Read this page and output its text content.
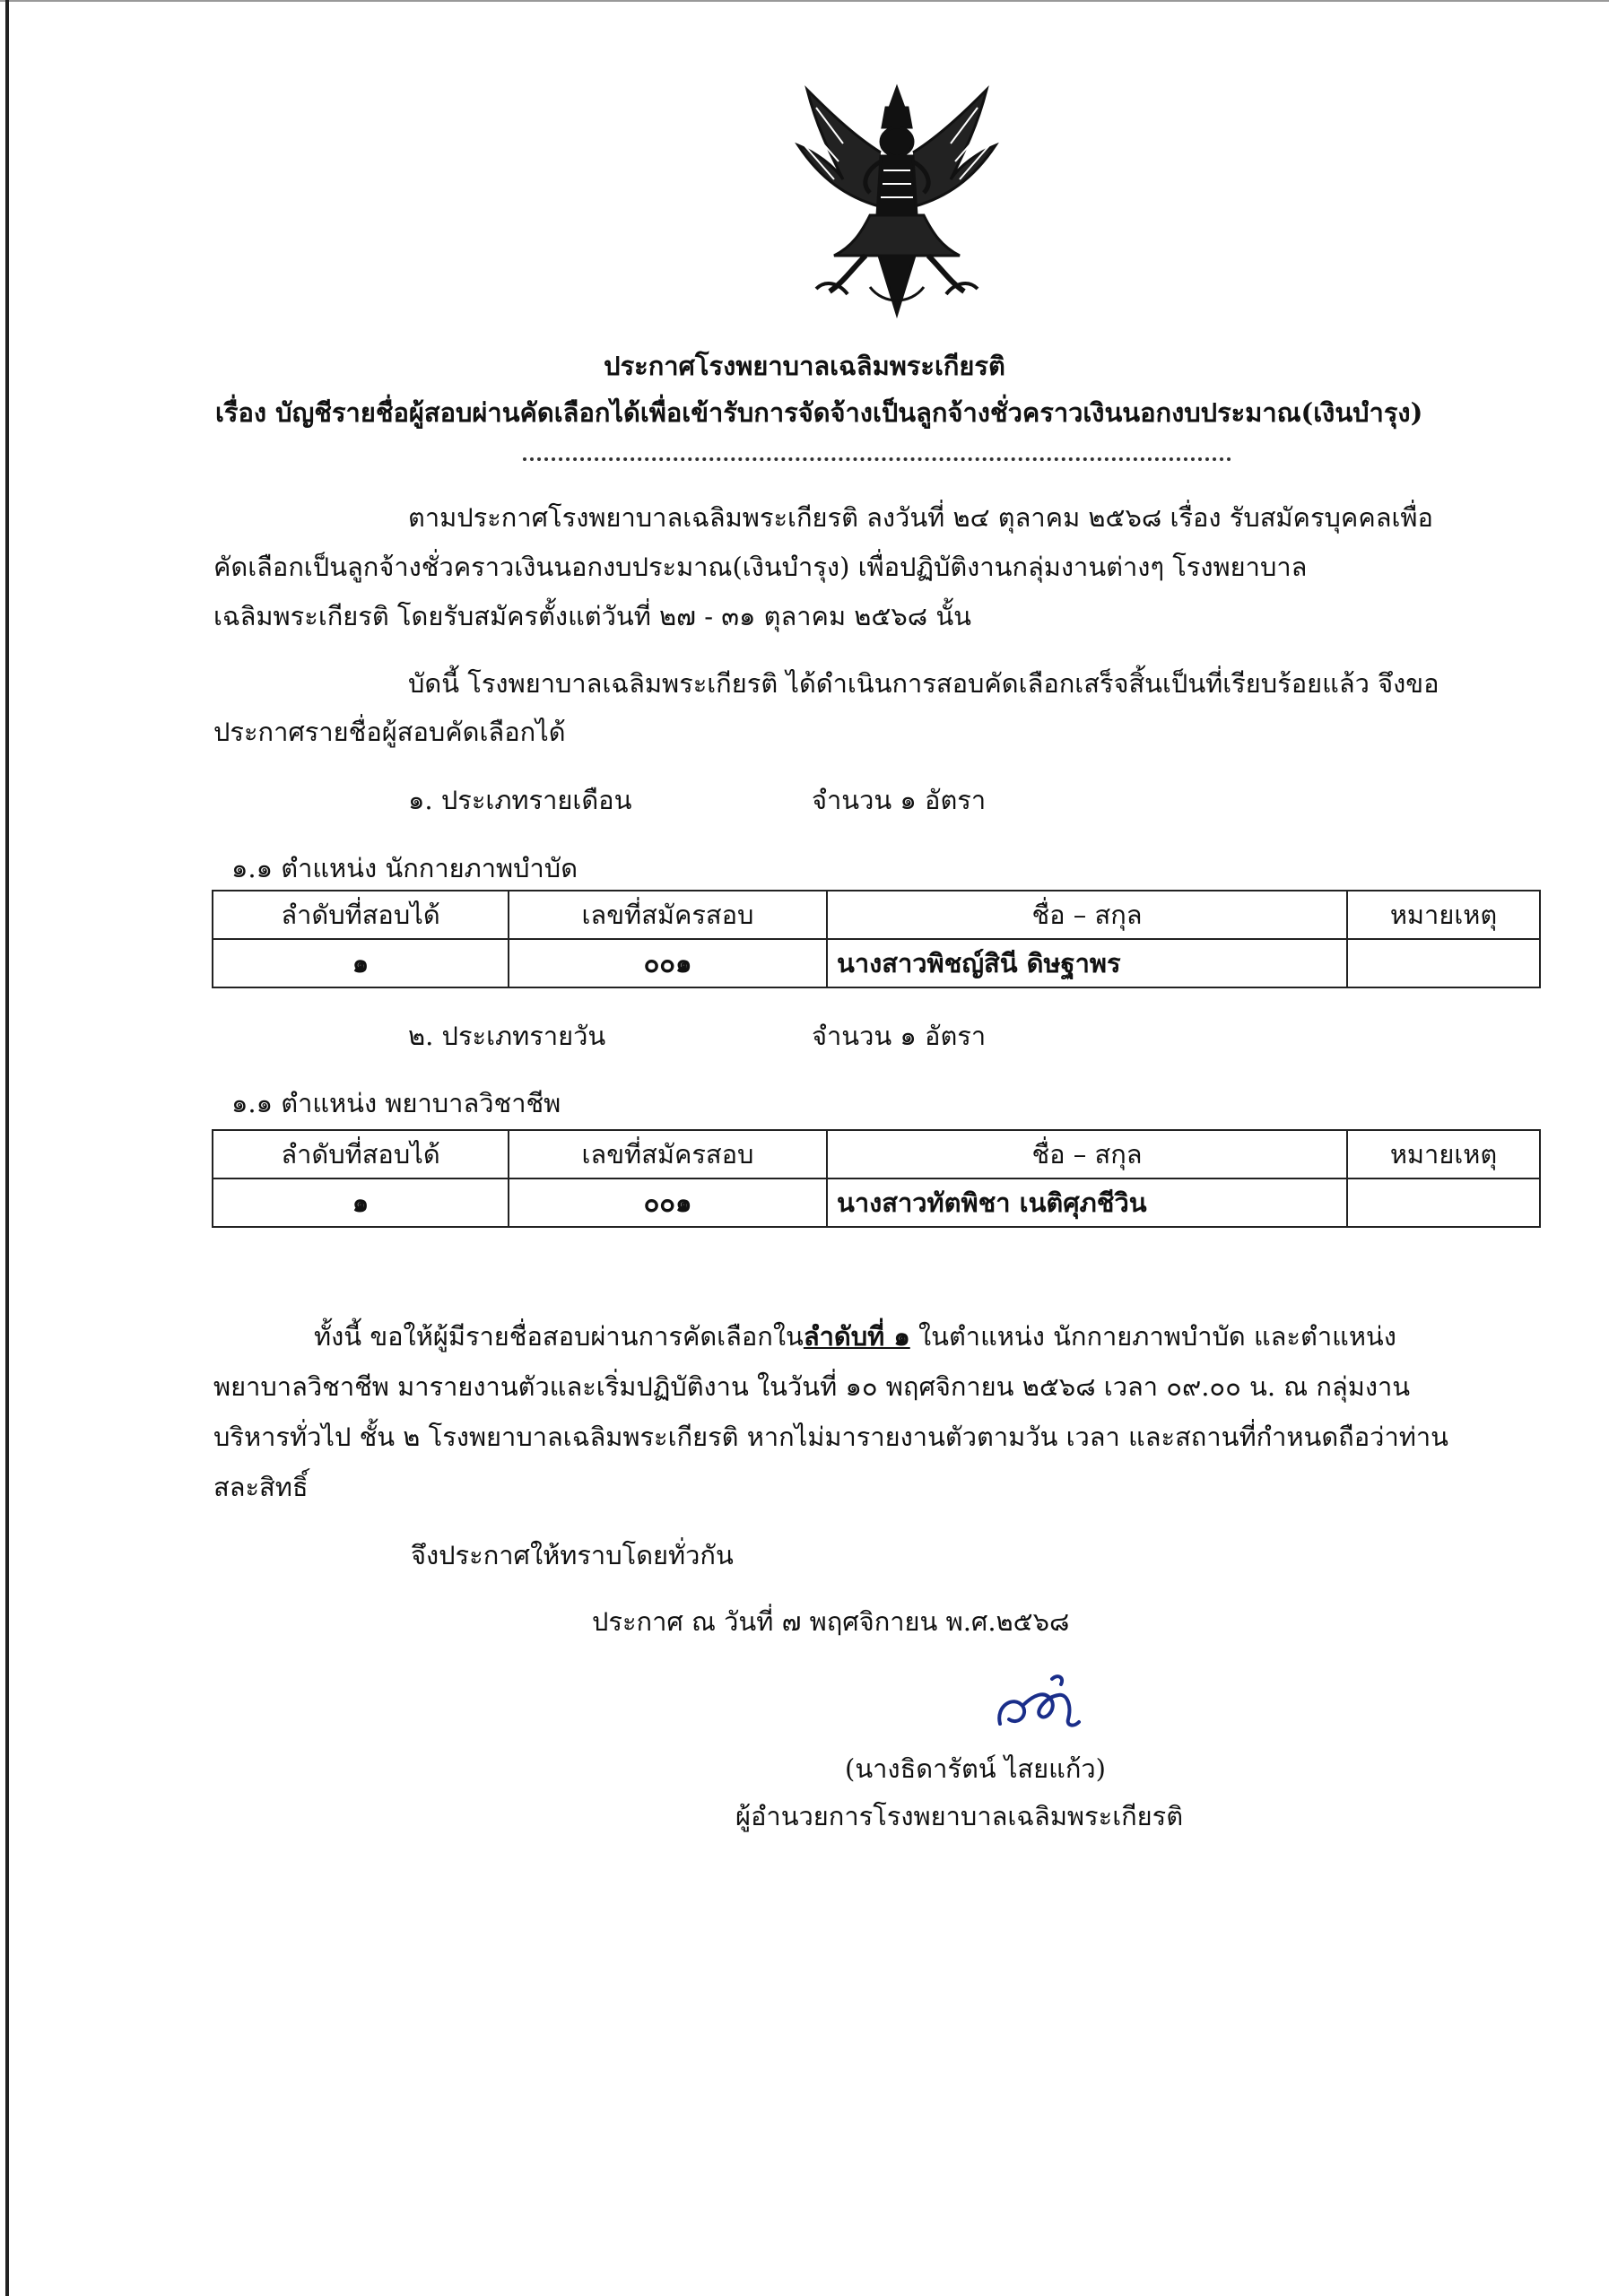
ประกาศโรงพยาบาลเฉลิมพระเกียรติ
เรื่อง บัญชีรายชื่อผู้สอบผ่านคัดเลือกได้เพื่อเข้ารับการจัดจ้างเป็นลูกจ้างชั่วคราวเงินนอกงบประมาณ(เงินบำรุง)
ตามประกาศโรงพยาบาลเฉลิมพระเกียรติ ลงวันที่ ๒๔ ตุลาคม ๒๕๖๘ เรื่อง รับสมัครบุคคลเพื่อ
คัดเลือกเป็นลูกจ้างชั่วคราวเงินนอกงบประมาณ(เงินบำรุง) เพื่อปฏิบัติงานกลุ่มงานต่างๆ โรงพยาบาล
เฉลิมพระเกียรติ โดยรับสมัครตั้งแต่วันที่ ๒๗ - ๓๑ ตุลาคม ๒๕๖๘ นั้น
บัดนี้ โรงพยาบาลเฉลิมพระเกียรติ ได้ดำเนินการสอบคัดเลือกเสร็จสิ้นเป็นที่เรียบร้อยแล้ว จึงขอ
ประกาศรายชื่อผู้สอบคัดเลือกได้
๑. ประเภทรายเดือน	จำนวน ๑ อัตรา
๑.๑ ตำแหน่ง นักกายภาพบำบัด
ลำดับที่สอบได้	เลขที่สมัครสอบ	ชื่อ – สกุล	หมายเหตุ
๑	๐๐๑	นางสาวพิชญ์สินี ดิษฐาพร	
๒. ประเภทรายวัน	จำนวน ๑ อัตรา
๑.๑ ตำแหน่ง พยาบาลวิชาชีพ
ลำดับที่สอบได้	เลขที่สมัครสอบ	ชื่อ – สกุล	หมายเหตุ
๑	๐๐๑	นางสาวทัตพิชา เนติศุภชีวิน	
ทั้งนี้ ขอให้ผู้มีรายชื่อสอบผ่านการคัดเลือกในลำดับที่ ๑ ในตำแหน่ง นักกายภาพบำบัด และตำแหน่ง
พยาบาลวิชาชีพ มารายงานตัวและเริ่มปฏิบัติงาน ในวันที่ ๑๐ พฤศจิกายน ๒๕๖๘ เวลา ๐๙.๐๐ น. ณ กลุ่มงาน
บริหารทั่วไป ชั้น ๒ โรงพยาบาลเฉลิมพระเกียรติ หากไม่มารายงานตัวตามวัน เวลา และสถานที่กำหนดถือว่าท่าน
สละสิทธิ์
จึงประกาศให้ทราบโดยทั่วกัน
ประกาศ ณ วันที่ ๗ พฤศจิกายน พ.ศ.๒๕๖๘
(นางธิดารัตน์ ไสยแก้ว)
ผู้อำนวยการโรงพยาบาลเฉลิมพระเกียรติ
